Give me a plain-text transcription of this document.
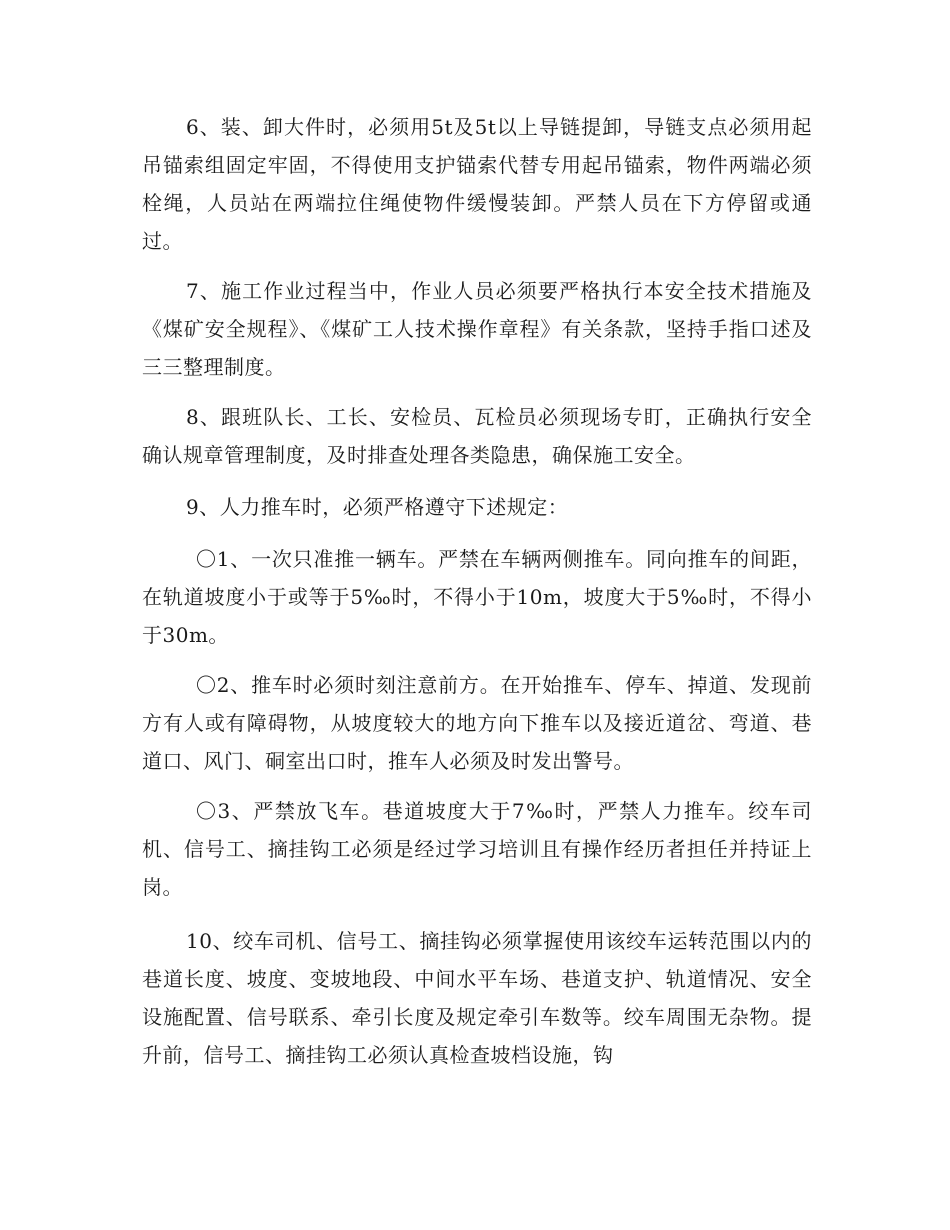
6、装、卸大件时，必须用5t及5t以上导链提卸，导链支点必须用起吊锚索组固定牢固，不得使用支护锚索代替专用起吊锚索，物件两端必须栓绳，人员站在两端拉住绳使物件缓慢装卸。严禁人员在下方停留或通过。

7、施工作业过程当中，作业人员必须要严格执行本安全技术措施及《煤矿安全规程》、《煤矿工人技术操作章程》有关条款，坚持手指口述及三三整理制度。

8、跟班队长、工长、安检员、瓦检员必须现场专盯，正确执行安全确认规章管理制度，及时排查处理各类隐患，确保施工安全。

9、人力推车时，必须严格遵守下述规定：

〇1、一次只准推一辆车。严禁在车辆两侧推车。同向推车的间距，在轨道坡度小于或等于5‰时，不得小于10m，坡度大于5‰时，不得小于30m。

〇2、推车时必须时刻注意前方。在开始推车、停车、掉道、发现前方有人或有障碍物，从坡度较大的地方向下推车以及接近道岔、弯道、巷道口、风门、硐室出口时，推车人必须及时发出警号。

〇3、严禁放飞车。巷道坡度大于7‰时，严禁人力推车。绞车司机、信号工、摘挂钩工必须是经过学习培训且有操作经历者担任并持证上岗。

10、绞车司机、信号工、摘挂钩必须掌握使用该绞车运转范围以内的巷道长度、坡度、变坡地段、中间水平车场、巷道支护、轨道情况、安全设施配置、信号联系、牵引长度及规定牵引车数等。绞车周围无杂物。提升前，信号工、摘挂钩工必须认真检查坡档设施，钩
